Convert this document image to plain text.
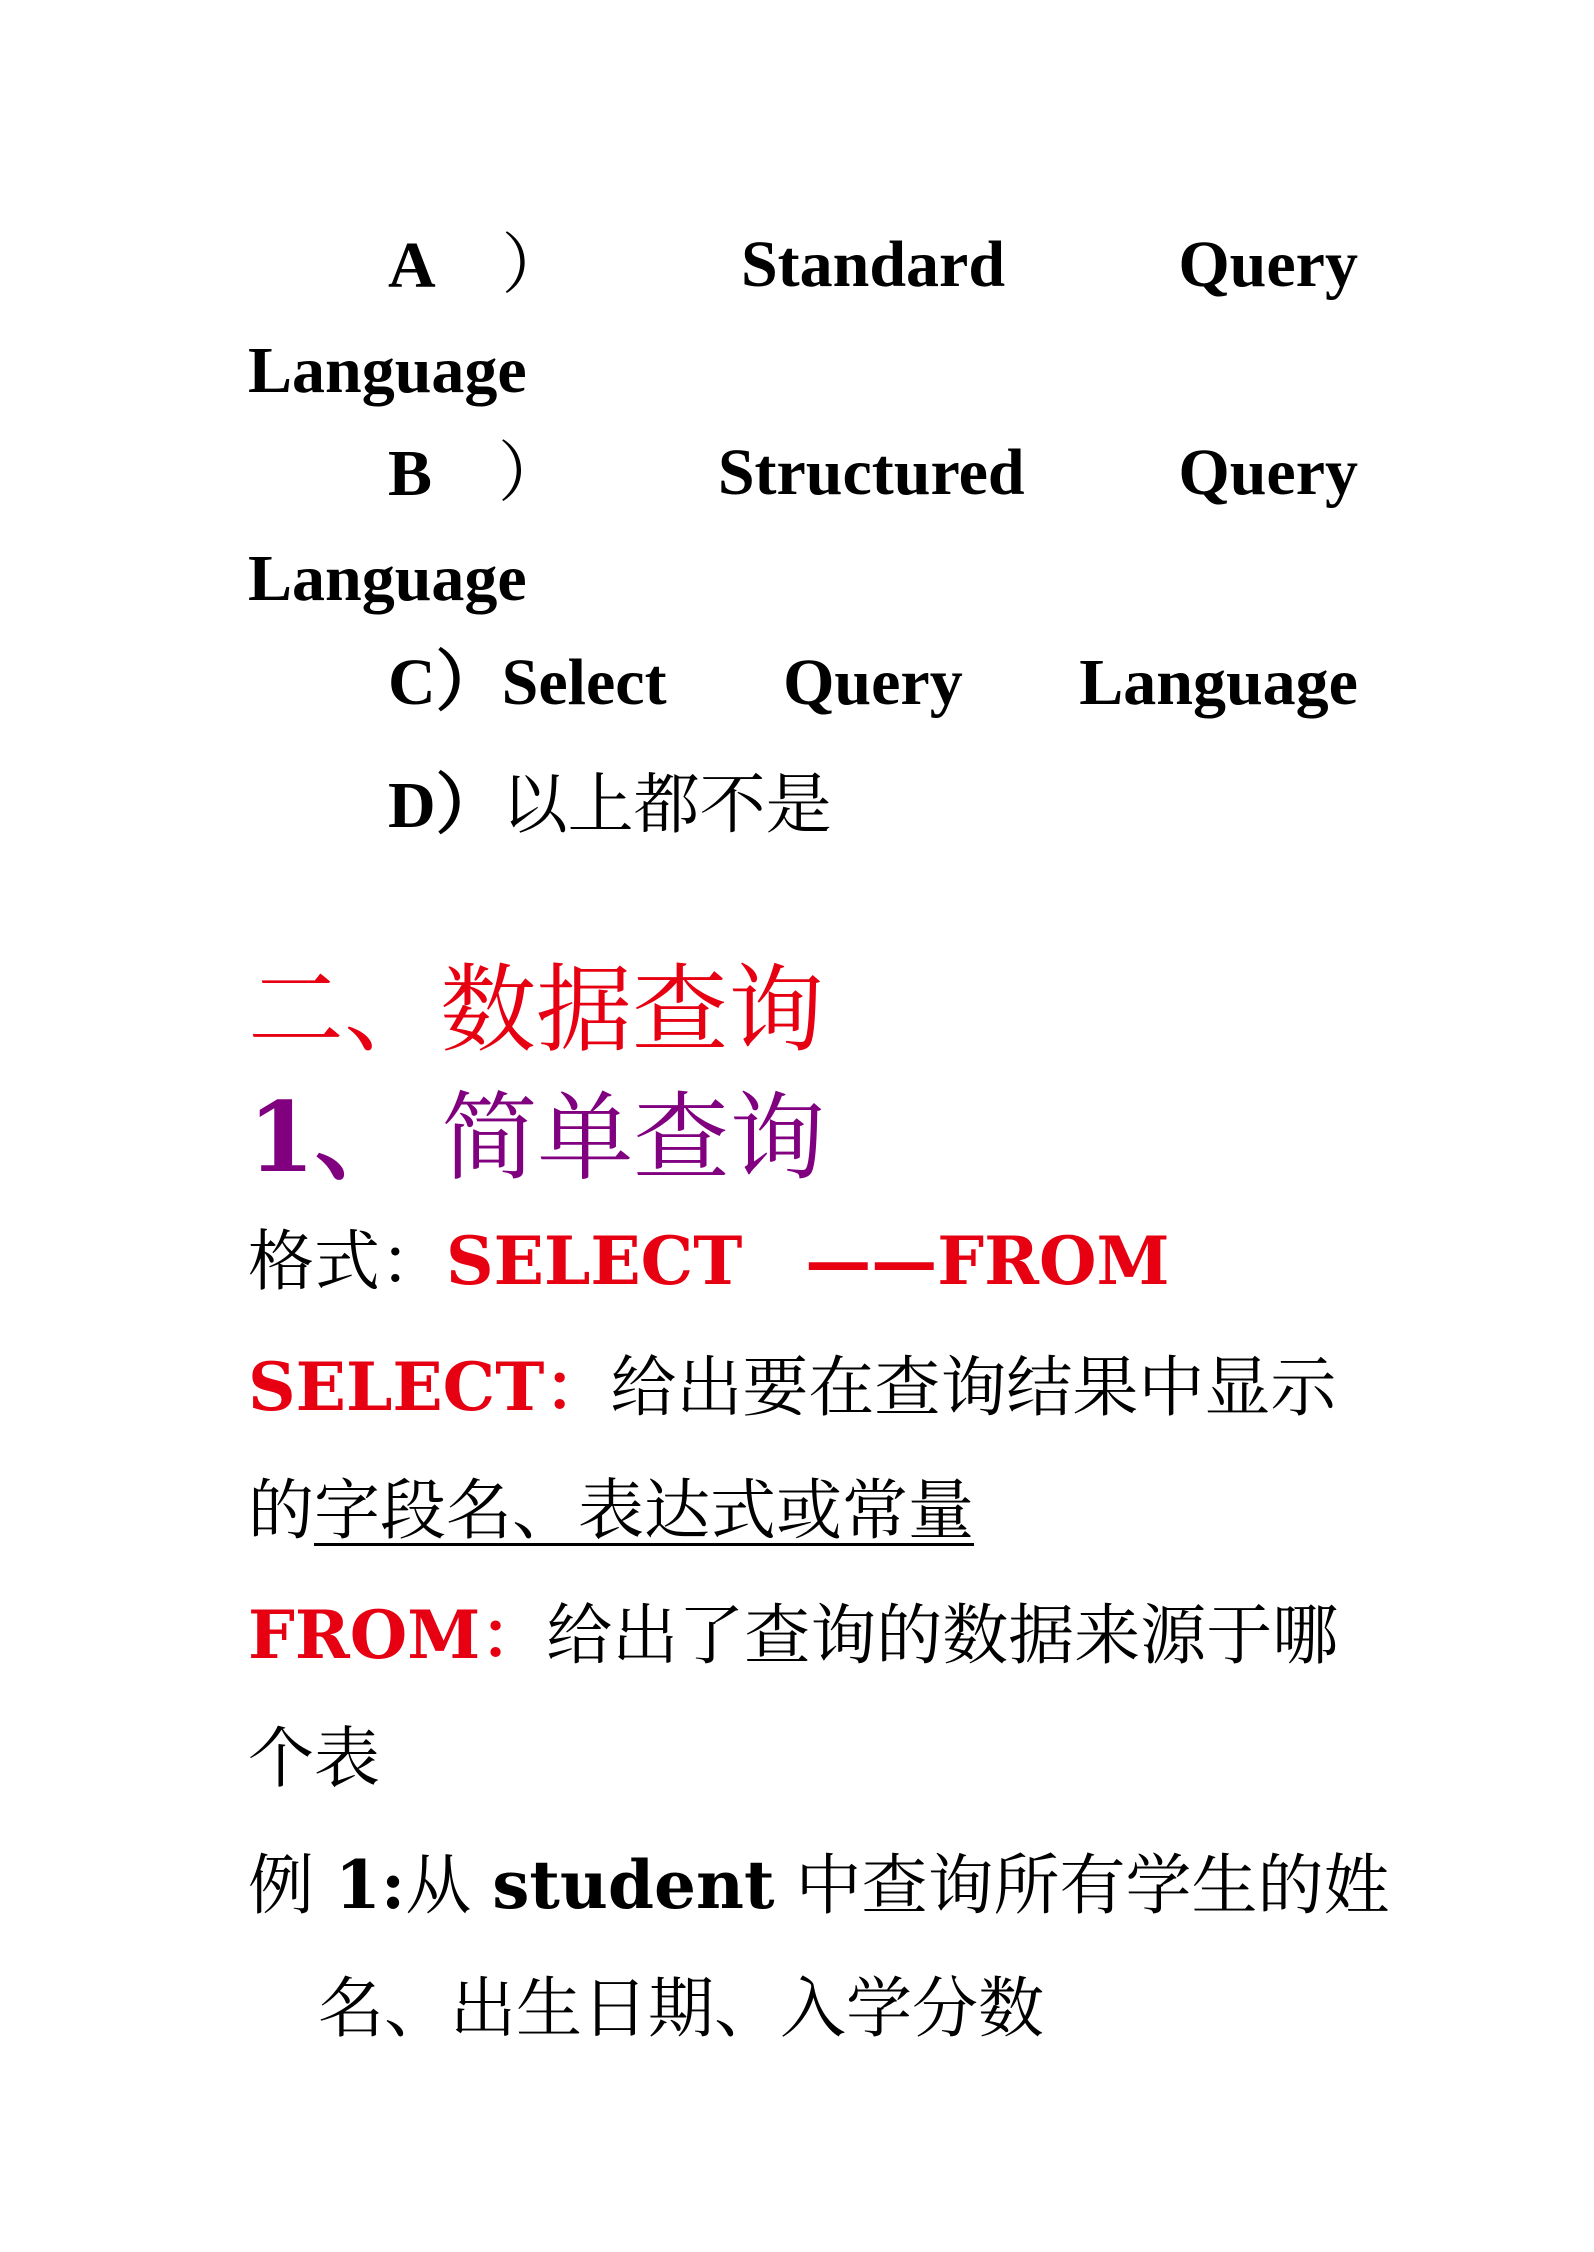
A ）	Standard	Query
Language
B ） Structured Query
Language
C）Select Query Language
D）以上都不是
二、数据查询
1、 简单查询
格式：SELECT ——FROM
SELECT：给出要在查询结果中显示
的字段名、表达式或常量
FROM：给出了查询的数据来源于哪
个表
例 1:从 student 中查询所有学生的姓
名、出生日期、入学分数
